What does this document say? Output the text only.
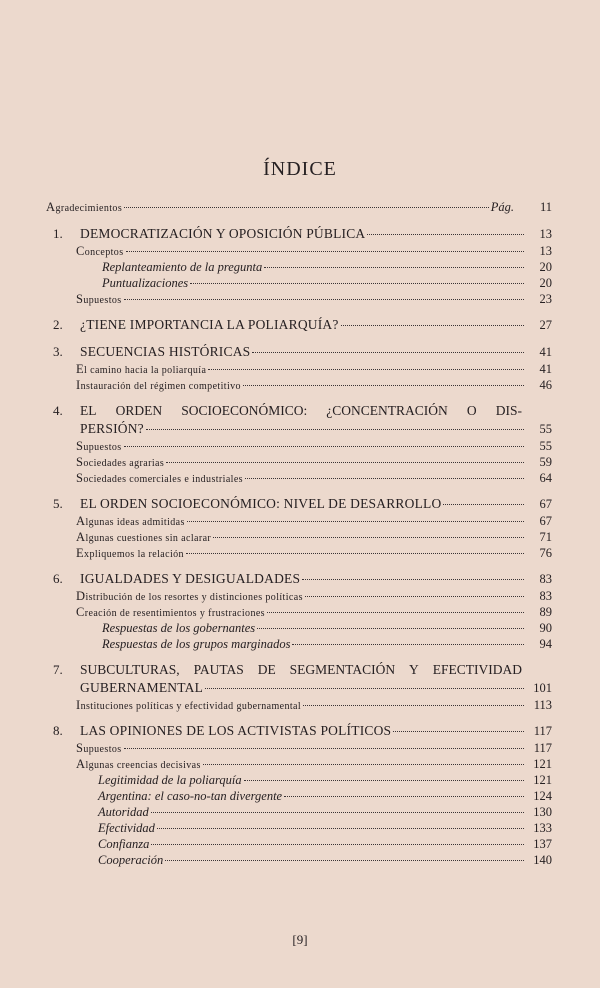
ÍNDICE
Agradecimientos	Pág.	11
1.	DEMOCRATIZACIÓN Y OPOSICIÓN PÚBLICA	13
Conceptos	13
Replanteamiento de la pregunta	20
Puntualizaciones	20
Supuestos	23
2.	¿TIENE IMPORTANCIA LA POLIARQUÍA?	27
3.	SECUENCIAS HISTÓRICAS	41
El camino hacia la poliarquía	41
Instauración del régimen competitivo	46
4.	EL ORDEN SOCIOECONÓMICO: ¿CONCENTRACIÓN O DIS-
PERSIÓN?	55
Supuestos	55
Sociedades agrarias	59
Sociedades comerciales e industriales	64
5.	EL ORDEN SOCIOECONÓMICO: NIVEL DE DESARROLLO	67
Algunas ideas admitidas	67
Algunas cuestiones sin aclarar	71
Expliquemos la relación	76
6.	IGUALDADES Y DESIGUALDADES	83
Distribución de los resortes y distinciones políticas	83
Creación de resentimientos y frustraciones	89
Respuestas de los gobernantes	90
Respuestas de los grupos marginados	94
7.	SUBCULTURAS, PAUTAS DE SEGMENTACIÓN Y EFECTIVIDAD
GUBERNAMENTAL	101
Instituciones políticas y efectividad gubernamental	113
8.	LAS OPINIONES DE LOS ACTIVISTAS POLÍTICOS	117
Supuestos	117
Algunas creencias decisivas	121
Legitimidad de la poliarquía	121
Argentina: el caso-no-tan divergente	124
Autoridad	130
Efectividad	133
Confianza	137
Cooperación	140
[9]
